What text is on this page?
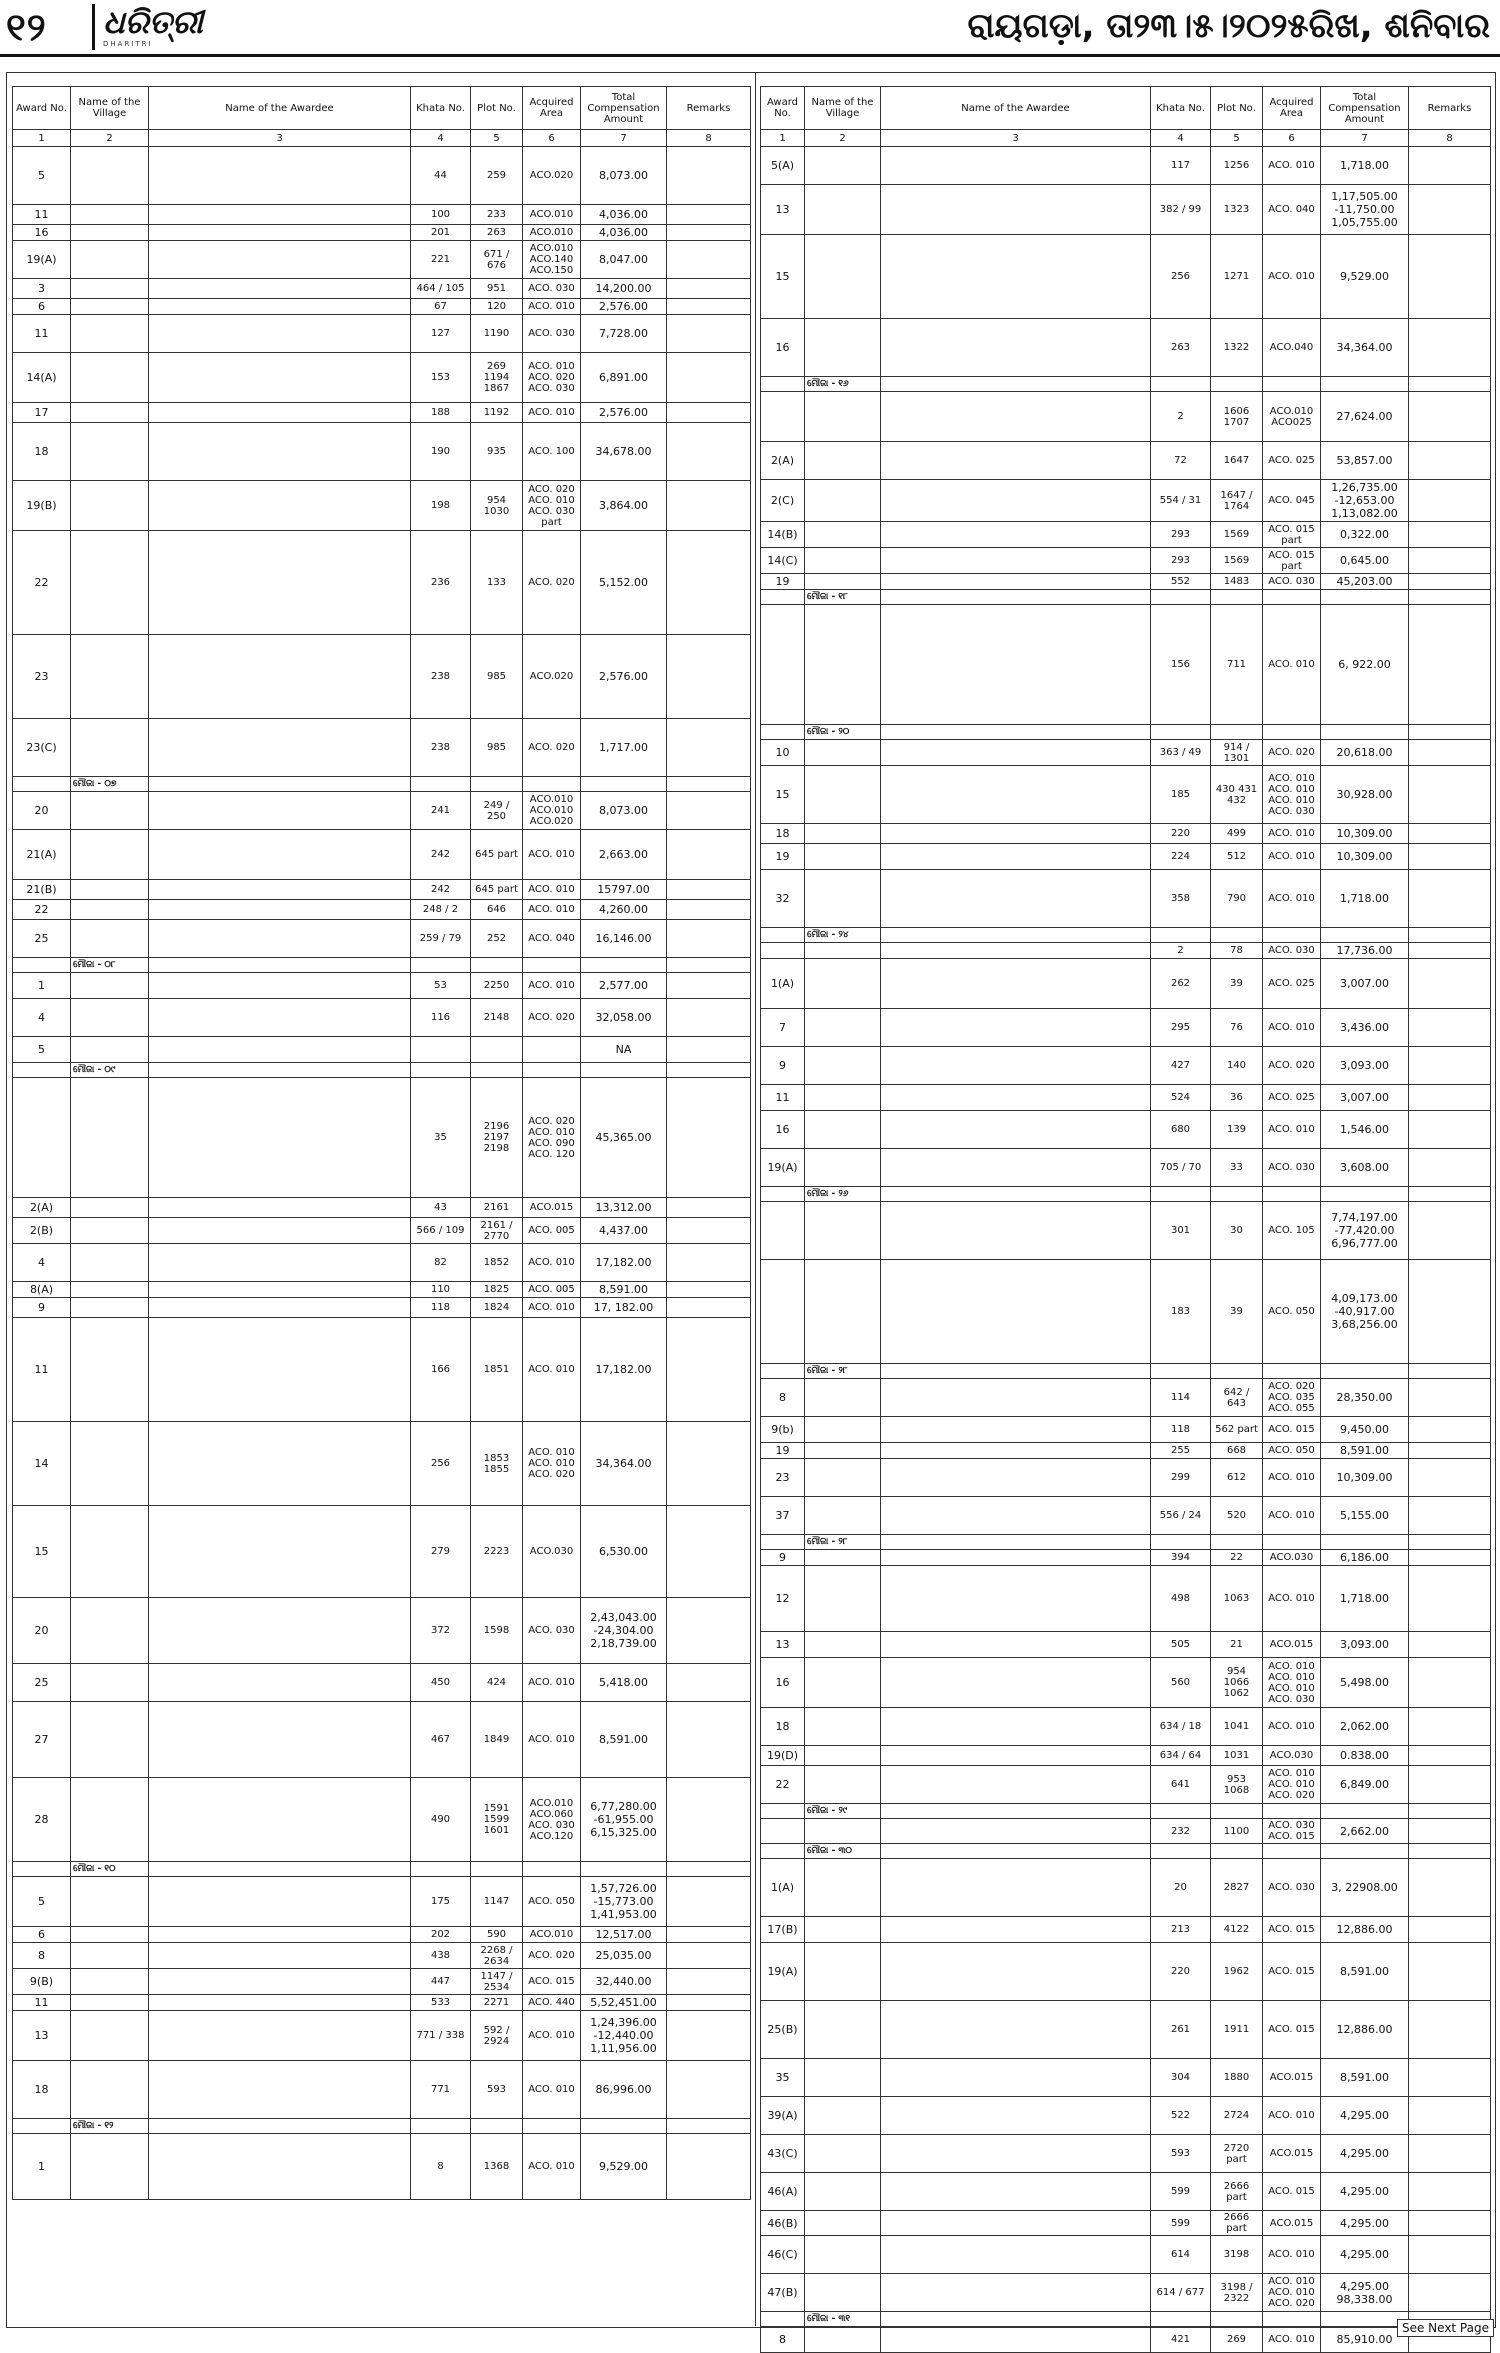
୧୨ ଧରିତ୍ରୀ
DHARITRI	ରାୟଗଡ଼ା, ତା୨୩।୫।୨୦୨୫ରିଖ, ଶନିବାର
Award No.	Name of the Village	Name of the Awardee	Khata No.	Plot No.	Acquired Area	Total Compensation Amount	Remarks
1	2	3	4	5	6	7	8
5			44	259	ACO.020	8,073.00	
11			100	233	ACO.010	4,036.00	
16			201	263	ACO.010	4,036.00	
19(A)			221	671 / 676	ACO.010 ACO.140 ACO.150	8,047.00	
3			464 / 105	951	ACO. 030	14,200.00	
6			67	120	ACO. 010	2,576.00	
11			127	1190	ACO. 030	7,728.00	
14(A)			153	269 1194 1867	ACO. 010 ACO. 020 ACO. 030	6,891.00	
17			188	1192	ACO. 010	2,576.00	
18			190	935	ACO. 100	34,678.00	
19(B)			198	954 1030	ACO. 020 ACO. 010 ACO. 030 part	3,864.00	
22			236	133	ACO. 020	5,152.00	
23			238	985	ACO.020	2,576.00	
23(C)			238	985	ACO. 020	1,717.00	
	ମୌଜା - ୦୭						
20			241	249 / 250	ACO.010 ACO.010 ACO.020	8,073.00	
21(A)			242	645 part	ACO. 010	2,663.00	
21(B)			242	645 part	ACO. 010	15797.00	
22			248 / 2	646	ACO. 010	4,260.00	
25			259 / 79	252	ACO. 040	16,146.00	
	ମୌଜା - ୦୮						
1			53	2250	ACO. 010	2,577.00	
4			116	2148	ACO. 020	32,058.00	
5						NA	
	ମୌଜା - ୦୯						
			35	2196 2197 2198	ACO. 020 ACO. 010 ACO. 090 ACO. 120	45,365.00	
2(A)			43	2161	ACO.015	13,312.00	
2(B)			566 / 109	2161 / 2770	ACO. 005	4,437.00	
4			82	1852	ACO. 010	17,182.00	
8(A)			110	1825	ACO. 005	8,591.00	
9			118	1824	ACO. 010	17, 182.00	
11			166	1851	ACO. 010	17,182.00	
14			256	1853 1855	ACO. 010 ACO. 010 ACO. 020	34,364.00	
15			279	2223	ACO.030	6,530.00	
20			372	1598	ACO. 030	2,43,043.00 -24,304.00 2,18,739.00	
25			450	424	ACO. 010	5,418.00	
27			467	1849	ACO. 010	8,591.00	
28			490	1591 1599 1601	ACO.010 ACO.060 ACO. 030 ACO.120	6,77,280.00 -61,955.00 6,15,325.00	
	ମୌଜା - ୧୦						
5			175	1147	ACO. 050	1,57,726.00 -15,773.00 1,41,953.00	
6			202	590	ACO.010	12,517.00	
8			438	2268 / 2634	ACO. 020	25,035.00	
9(B)			447	1147 / 2534	ACO. 015	32,440.00	
11			533	2271	ACO. 440	5,52,451.00	
13			771 / 338	592 / 2924	ACO. 010	1,24,396.00 -12,440.00 1,11,956.00	
18			771	593	ACO. 010	86,996.00	
	ମୌଜା - ୧୨						
1			8	1368	ACO. 010	9,529.00	
Award No.	Name of the Village	Name of the Awardee	Khata No.	Plot No.	Acquired Area	Total Compensation Amount	Remarks
1	2	3	4	5	6	7	8
5(A)			117	1256	ACO. 010	1,718.00	
13			382 / 99	1323	ACO. 040	1,17,505.00 -11,750.00 1,05,755.00	
15			256	1271	ACO. 010	9,529.00	
16			263	1322	ACO.040	34,364.00	
	ମୌଜା - ୧୬						
			2	1606 1707	ACO.010 ACO025	27,624.00	
2(A)			72	1647	ACO. 025	53,857.00	
2(C)			554 / 31	1647 / 1764	ACO. 045	1,26,735.00 -12,653.00 1,13,082.00	
14(B)			293	1569	ACO. 015 part	0,322.00	
14(C)			293	1569	ACO. 015 part	0,645.00	
19			552	1483	ACO. 030	45,203.00	
	ମୌଜା - ୧୮						
			156	711	ACO. 010	6, 922.00	
	ମୌଜା - ୨୦						
10			363 / 49	914 / 1301	ACO. 020	20,618.00	
15			185	430 431 432	ACO. 010 ACO. 010 ACO. 010 ACO. 030	30,928.00	
18			220	499	ACO. 010	10,309.00	
19			224	512	ACO. 010	10,309.00	
32			358	790	ACO. 010	1,718.00	
	ମୌଜା - ୨୪						
			2	78	ACO. 030	17,736.00	
1(A)			262	39	ACO. 025	3,007.00	
7			295	76	ACO. 010	3,436.00	
9			427	140	ACO. 020	3,093.00	
11			524	36	ACO. 025	3,007.00	
16			680	139	ACO. 010	1,546.00	
19(A)			705 / 70	33	ACO. 030	3,608.00	
	ମୌଜା - ୨୬						
			301	30	ACO. 105	7,74,197.00 -77,420.00 6,96,777.00	
			183	39	ACO. 050	4,09,173.00 -40,917.00 3,68,256.00	
	ମୌଜା - ୨୮						
8			114	642 / 643	ACO. 020 ACO. 035 ACO. 055	28,350.00	
9(b)			118	562 part	ACO. 015	9,450.00	
19			255	668	ACO. 050	8,591.00	
23			299	612	ACO. 010	10,309.00	
37			556 / 24	520	ACO. 010	5,155.00	
	ମୌଜା - ୨୮						
9			394	22	ACO.030	6,186.00	
12			498	1063	ACO. 010	1,718.00	
13			505	21	ACO.015	3,093.00	
16			560	954 1066 1062	ACO. 010 ACO. 010 ACO. 010 ACO. 030	5,498.00	
18			634 / 18	1041	ACO. 010	2,062.00	
19(D)			634 / 64	1031	ACO.030	0.838.00	
22			641	953 1068	ACO. 010 ACO. 010 ACO. 020	6,849.00	
	ମୌଜା - ୨୯						
			232	1100	ACO. 030 ACO. 015	2,662.00	
	ମୌଜା - ୩୦						
1(A)			20	2827	ACO. 030	3, 22908.00	
17(B)			213	4122	ACO. 015	12,886.00	
19(A)			220	1962	ACO. 015	8,591.00	
25(B)			261	1911	ACO. 015	12,886.00	
35			304	1880	ACO.015	8,591.00	
39(A)			522	2724	ACO. 010	4,295.00	
43(C)			593	2720 part	ACO.015	4,295.00	
46(A)			599	2666 part	ACO. 015	4,295.00	
46(B)			599	2666 part	ACO.015	4,295.00	
46(C)			614	3198	ACO. 010	4,295.00	
47(B)			614 / 677	3198 / 2322	ACO. 010 ACO. 010 ACO. 020	4,295.00 98,338.00	
	ମୌଜା - ୩୧						
8			421	269	ACO. 010	85,910.00	
See Next Page
